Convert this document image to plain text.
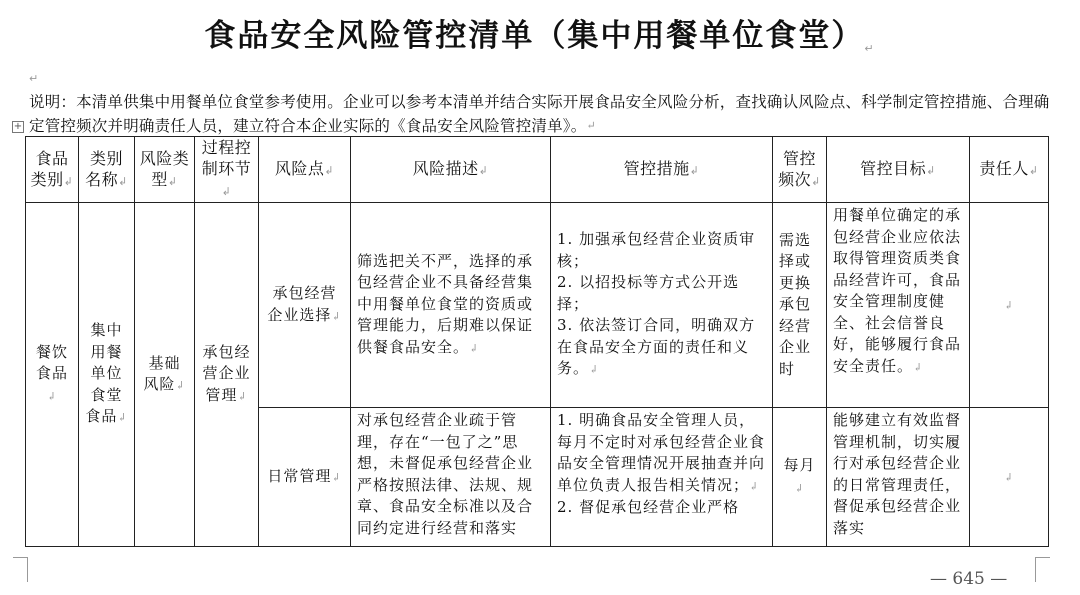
食品安全风险管控清单（集中用餐单位食堂）↵
↵
说明：本清单供集中用餐单位食堂参考使用。企业可以参考本清单并结合实际开展食品安全风险分析，查找确认风险点、科学制定管控措施、合理确定管控频次并明确责任人员，建立符合本企业实际的《食品安全风险管控清单》。↵
+
食品类别↲	类别名称↲	风险类型↲	过程控制环节↲	风险点↲	风险描述↲	管控措施↲	管控频次↲	管控目标↲	责任人↲
餐饮食品↲	集中用餐单位食堂食品↲	基础风险↲	承包经营企业管理↲	承包经营企业选择↲	筛选把关不严，选择的承包经营企业不具备经营集中用餐单位食堂的资质或管理能力，后期难以保证供餐食品安全。↲	1. 加强承包经营企业资质审核；
2. 以招投标等方式公开选择；
3. 依法签订合同，明确双方在食品安全方面的责任和义务。↲	需选择或更换承包经营企业时	用餐单位确定的承包经营企业应依法取得管理资质类食品经营许可，食品安全管理制度健全、社会信誉良好，能够履行食品安全责任。↲	↲
				日常管理↲	对承包经营企业疏于管理，存在“一包了之”思想，未督促承包经营企业严格按照法律、法规、规章、食品安全标准以及合同约定进行经营和落实	1. 明确食品安全管理人员，每月不定时对承包经营企业食品安全管理情况开展抽查并向单位负责人报告相关情况；↲
2. 督促承包经营企业严格	每月↲	能够建立有效监督管理机制，切实履行对承包经营企业的日常管理责任，督促承包经营企业落实	↲
— 645 —
